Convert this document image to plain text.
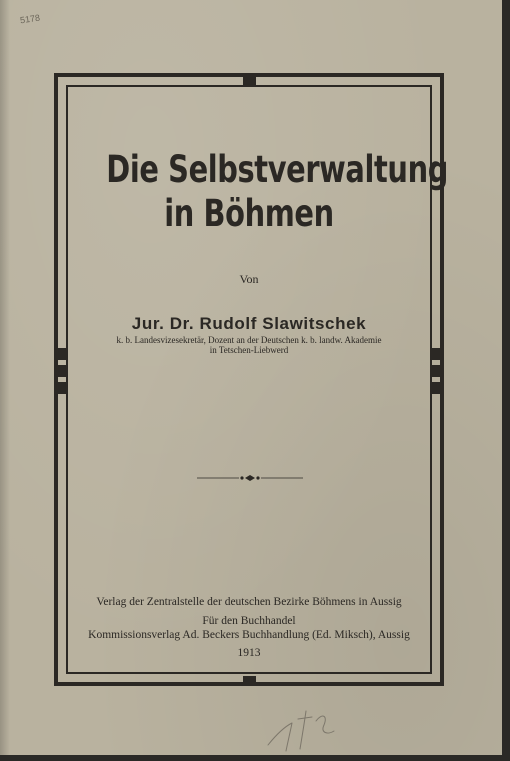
5178
Die Selbstverwaltung
in Böhmen
Von
Jur. Dr. Rudolf Slawitschek
k. b. Landesvizesekretär, Dozent an der Deutschen k. b. landw. Akademie
in Tetschen-Liebwerd
Verlag der Zentralstelle der deutschen Bezirke Böhmens in Aussig
Für den Buchhandel
Kommissionsverlag Ad. Beckers Buchhandlung (Ed. Miksch), Aussig
1913
